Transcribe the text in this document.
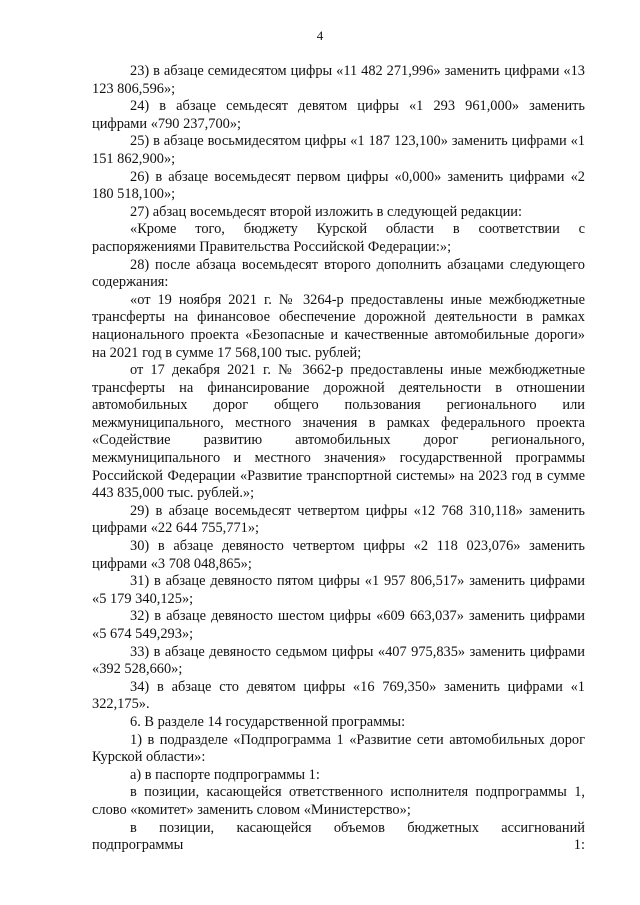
4

23) в абзаце семидесятом цифры «11 482 271,996» заменить цифрами «13 123 806,596»;

24) в абзаце семьдесят девятом цифры «1 293 961,000» заменить цифрами «790 237,700»;

25) в абзаце восьмидесятом цифры «1 187 123,100» заменить цифрами «1 151 862,900»;

26) в абзаце восемьдесят первом цифры «0,000» заменить цифрами «2 180 518,100»;

27) абзац восемьдесят второй изложить в следующей редакции:

«Кроме того, бюджету Курской области в соответствии с распоряжениями Правительства Российской Федерации:»;

28) после абзаца восемьдесят второго дополнить абзацами следующего содержания:

«от 19 ноября 2021 г. № 3264-р предоставлены иные межбюджетные трансферты на финансовое обеспечение дорожной деятельности в рамках национального проекта «Безопасные и качественные автомобильные дороги» на 2021 год в сумме 17 568,100 тыс. рублей;

от 17 декабря 2021 г. № 3662-р предоставлены иные межбюджетные трансферты на финансирование дорожной деятельности в отношении автомобильных дорог общего пользования регионального или межмуниципального, местного значения в рамках федерального проекта «Содействие развитию автомобильных дорог регионального, межмуниципального и местного значения» государственной программы Российской Федерации «Развитие транспортной системы» на 2023 год в сумме 443 835,000 тыс. рублей.»;

29) в абзаце восемьдесят четвертом цифры «12 768 310,118» заменить цифрами «22 644 755,771»;

30) в абзаце девяносто четвертом цифры «2 118 023,076» заменить цифрами «3 708 048,865»;

31) в абзаце девяносто пятом цифры «1 957 806,517» заменить цифрами «5 179 340,125»;

32) в абзаце девяносто шестом цифры «609 663,037» заменить цифрами «5 674 549,293»;

33) в абзаце девяносто седьмом цифры «407 975,835» заменить цифрами «392 528,660»;

34) в абзаце сто девятом цифры «16 769,350» заменить цифрами «1 322,175».

6. В разделе 14 государственной программы:

1) в подразделе «Подпрограмма 1 «Развитие сети автомобильных дорог Курской области»:

а) в паспорте подпрограммы 1:

в позиции, касающейся ответственного исполнителя подпрограммы 1, слово «комитет» заменить словом «Министерство»;

в позиции, касающейся объемов бюджетных ассигнований подпрограммы 1:
